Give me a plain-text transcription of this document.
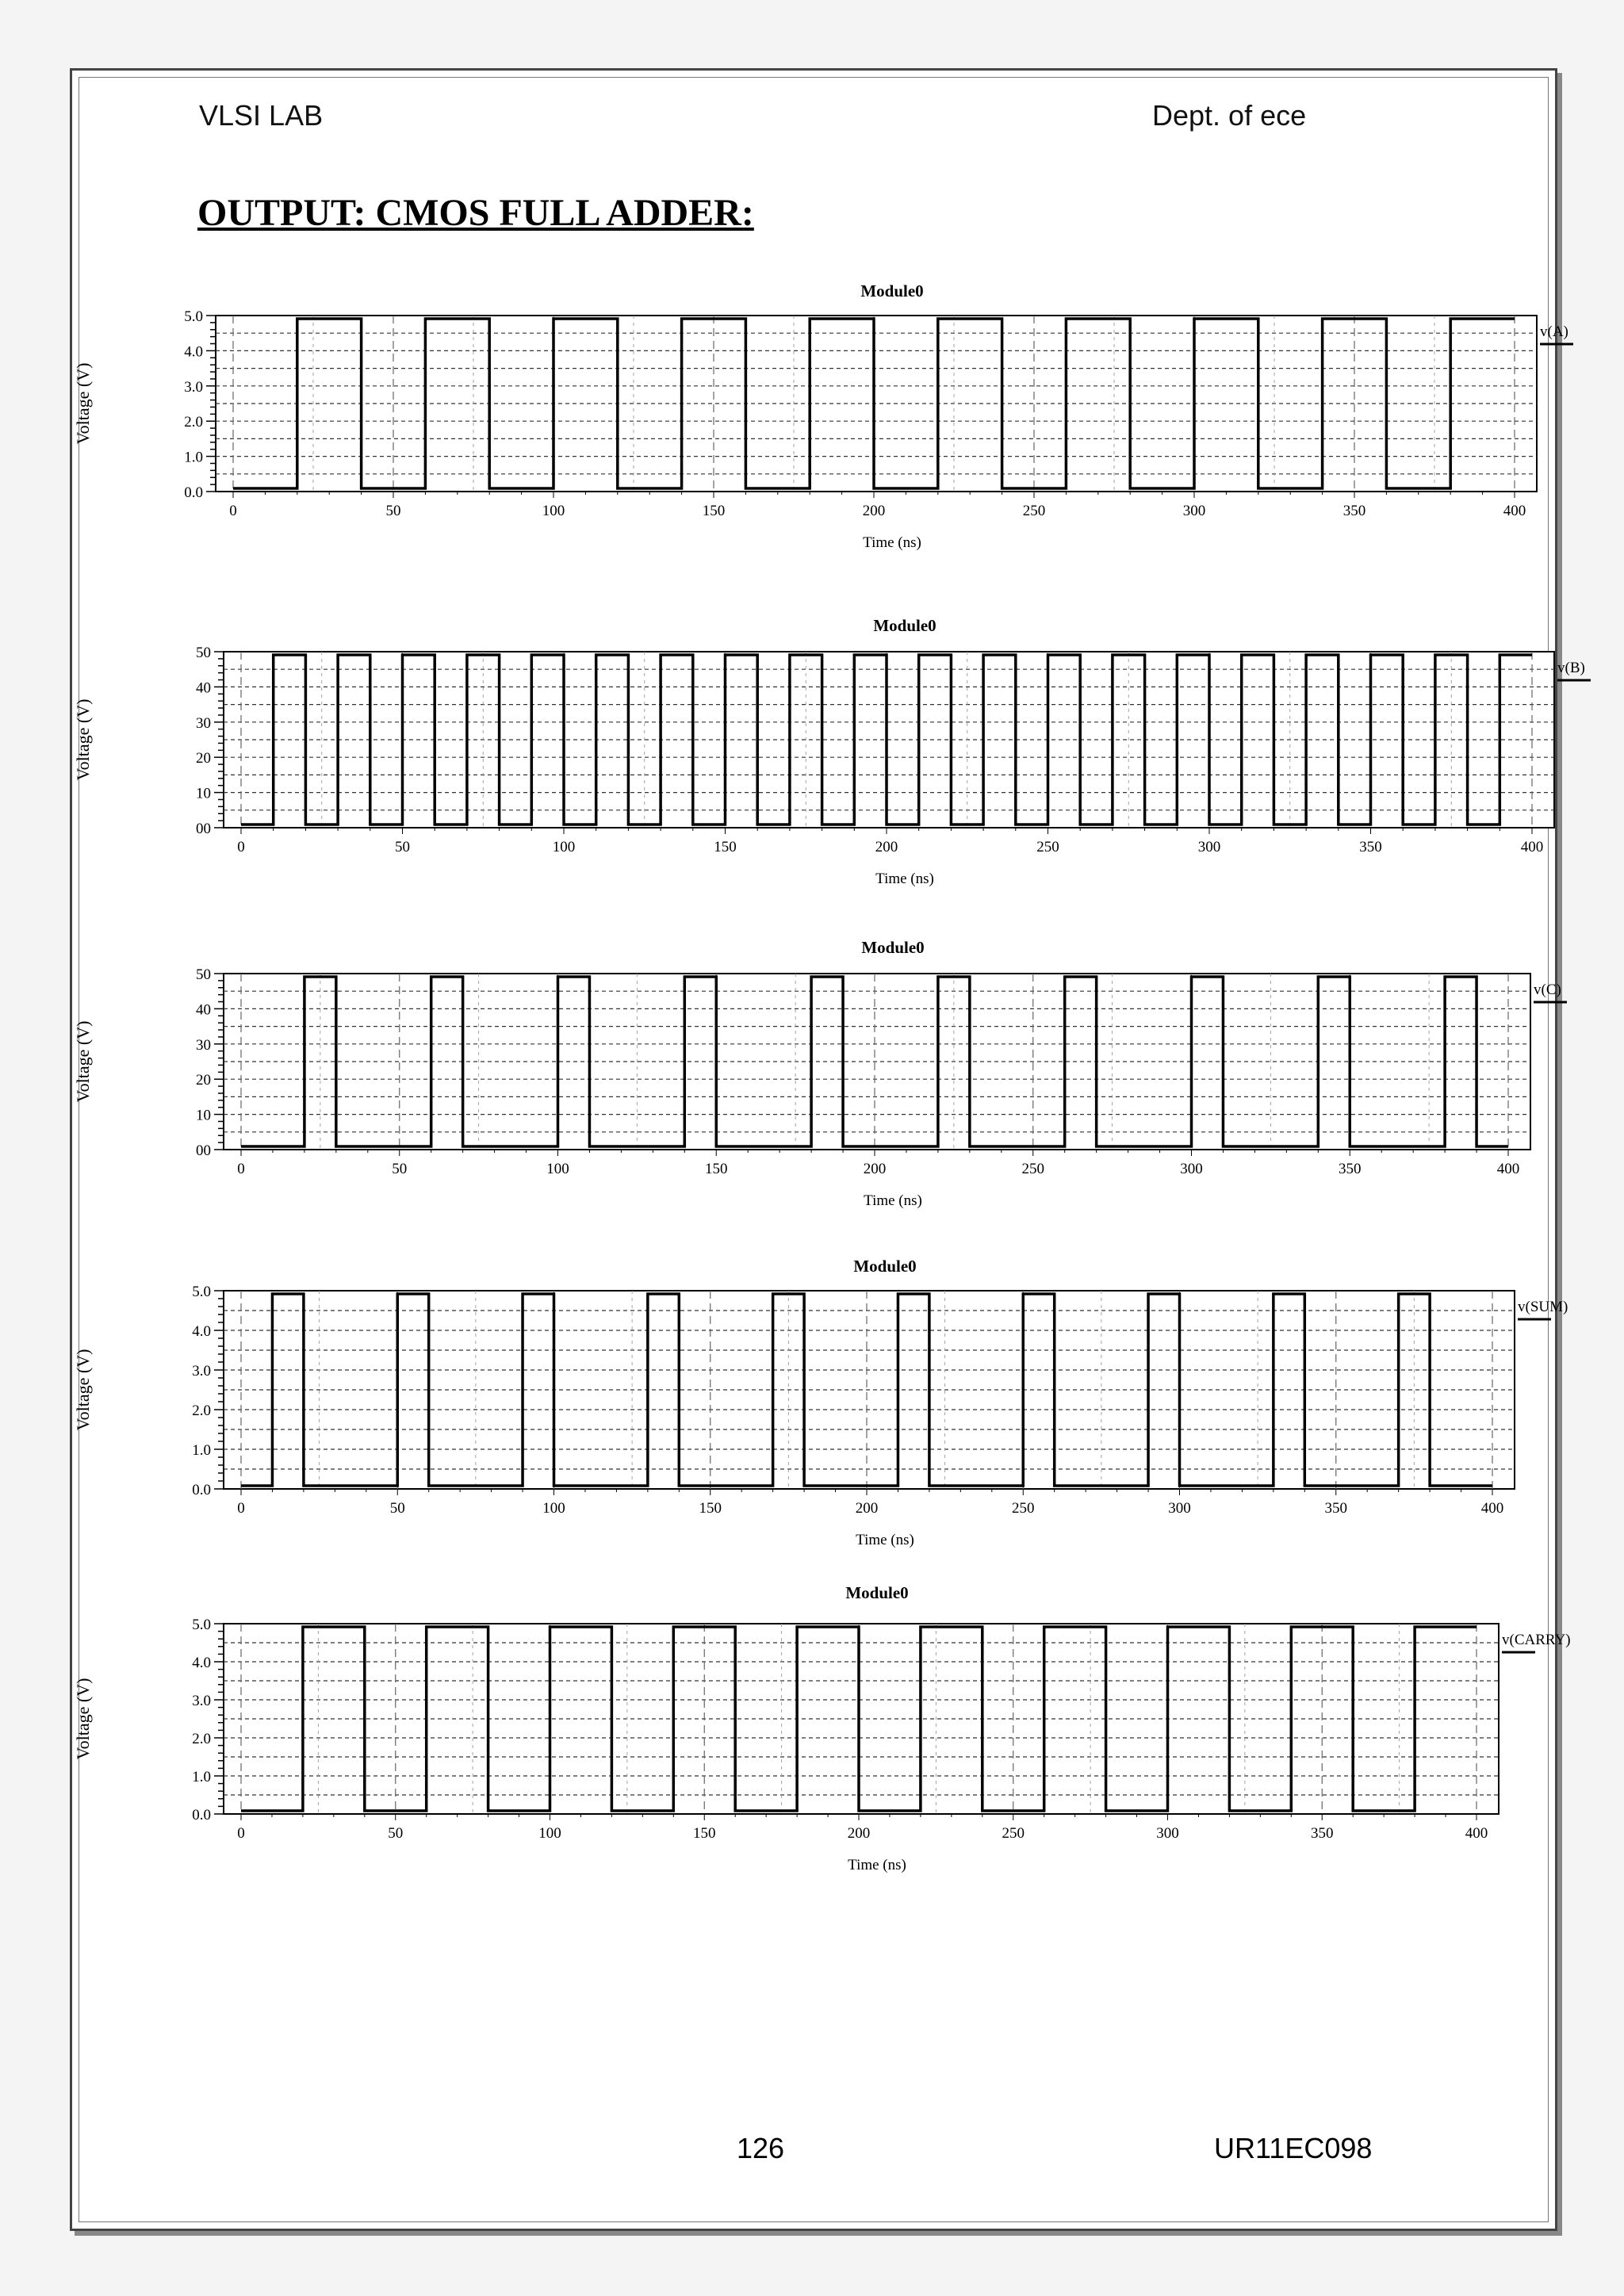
VLSI LAB	Dept. of ece
OUTPUT: CMOS FULL ADDER:
126	UR11EC098
0.0
1.0
2.0
3.0
4.0
5.0
0	50	100	150	200	250	300	350	400
Module0
Time (ns)
Voltage (V)
v(A)
00
10
20
30
40
50
0	50	100	150	200	250	300	350	400
Module0
Time (ns)
Voltage (V)
v(B)
00
10
20
30
40
50
0	50	100	150	200	250	300	350	400
Module0
Time (ns)
Voltage (V)
v(C)
0.0
1.0
2.0
3.0
4.0
5.0
0	50	100	150	200	250	300	350	400
Module0
Time (ns)
Voltage (V)
v(SUM)
0.0
1.0
2.0
3.0
4.0
5.0
0	50	100	150	200	250	300	350	400
Module0
Time (ns)
Voltage (V)
v(CARRY)
